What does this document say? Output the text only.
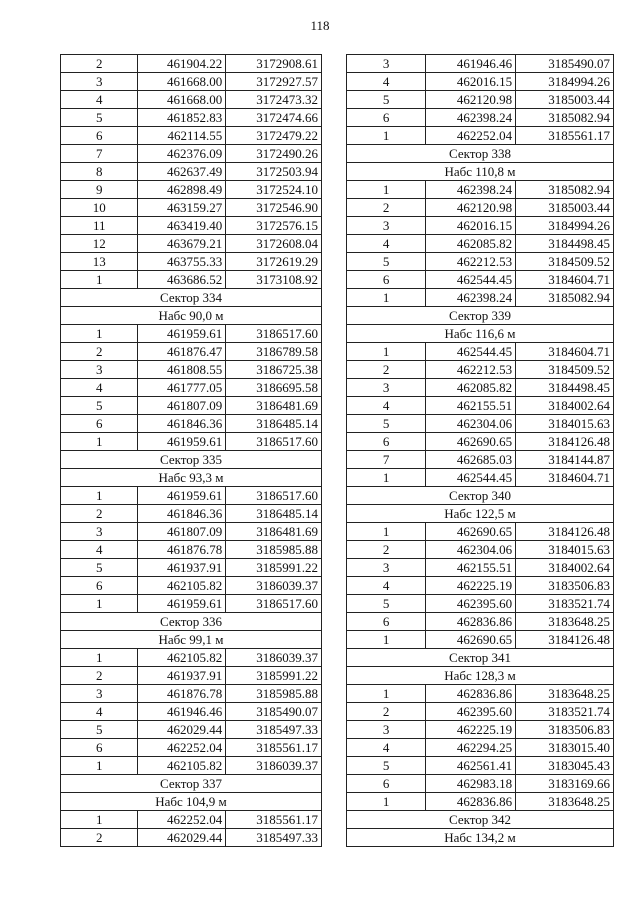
118
2	461904.22	3172908.61
3	461668.00	3172927.57
4	461668.00	3172473.32
5	461852.83	3172474.66
6	462114.55	3172479.22
7	462376.09	3172490.26
8	462637.49	3172503.94
9	462898.49	3172524.10
10	463159.27	3172546.90
11	463419.40	3172576.15
12	463679.21	3172608.04
13	463755.33	3172619.29
1	463686.52	3173108.92
Сектор 334		
Набс 90,0 м		
1	461959.61	3186517.60
2	461876.47	3186789.58
3	461808.55	3186725.38
4	461777.05	3186695.58
5	461807.09	3186481.69
6	461846.36	3186485.14
1	461959.61	3186517.60
Сектор 335		
Набс 93,3 м		
1	461959.61	3186517.60
2	461846.36	3186485.14
3	461807.09	3186481.69
4	461876.78	3185985.88
5	461937.91	3185991.22
6	462105.82	3186039.37
1	461959.61	3186517.60
Сектор 336		
Набс 99,1 м		
1	462105.82	3186039.37
2	461937.91	3185991.22
3	461876.78	3185985.88
4	461946.46	3185490.07
5	462029.44	3185497.33
6	462252.04	3185561.17
1	462105.82	3186039.37
Сектор 337		
Набс 104,9 м		
1	462252.04	3185561.17
2	462029.44	3185497.33
3	461946.46	3185490.07
4	462016.15	3184994.26
5	462120.98	3185003.44
6	462398.24	3185082.94
1	462252.04	3185561.17
Сектор 338		
Набс 110,8 м		
1	462398.24	3185082.94
2	462120.98	3185003.44
3	462016.15	3184994.26
4	462085.82	3184498.45
5	462212.53	3184509.52
6	462544.45	3184604.71
1	462398.24	3185082.94
Сектор 339		
Набс 116,6 м		
1	462544.45	3184604.71
2	462212.53	3184509.52
3	462085.82	3184498.45
4	462155.51	3184002.64
5	462304.06	3184015.63
6	462690.65	3184126.48
7	462685.03	3184144.87
1	462544.45	3184604.71
Сектор 340		
Набс 122,5 м		
1	462690.65	3184126.48
2	462304.06	3184015.63
3	462155.51	3184002.64
4	462225.19	3183506.83
5	462395.60	3183521.74
6	462836.86	3183648.25
1	462690.65	3184126.48
Сектор 341		
Набс 128,3 м		
1	462836.86	3183648.25
2	462395.60	3183521.74
3	462225.19	3183506.83
4	462294.25	3183015.40
5	462561.41	3183045.43
6	462983.18	3183169.66
1	462836.86	3183648.25
Сектор 342		
Набс 134,2 м		
